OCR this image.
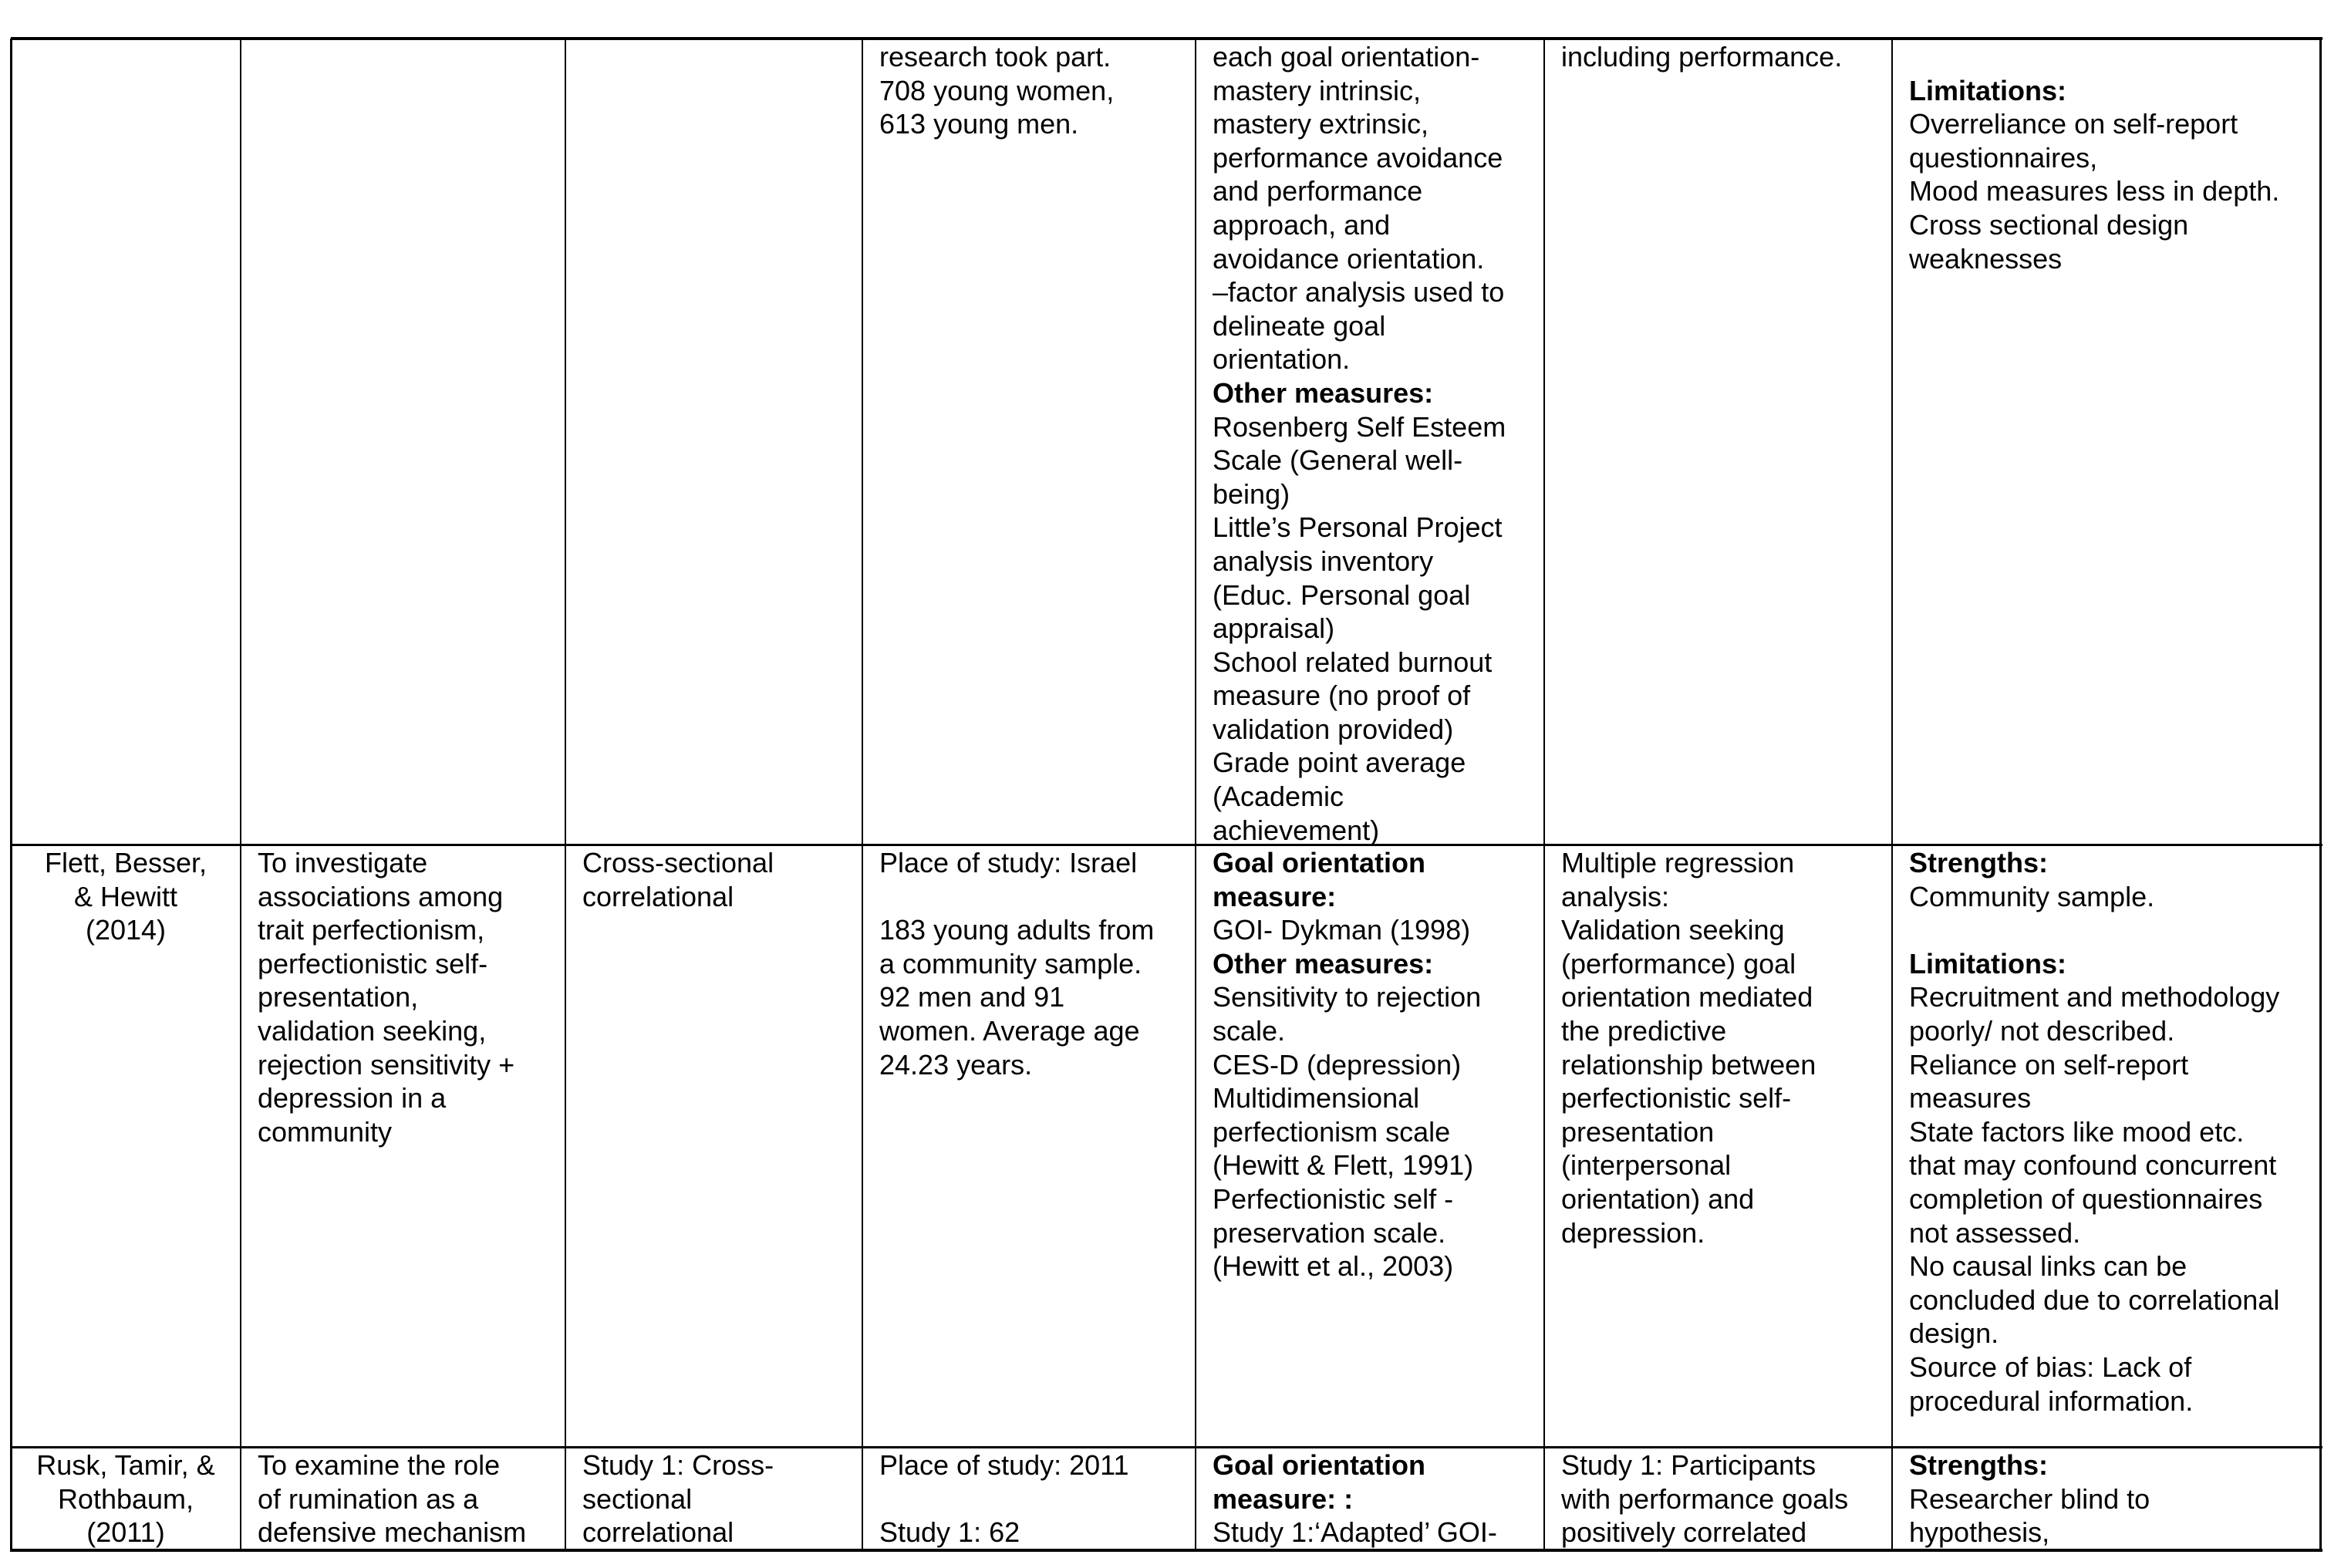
research took part.
708 young women,
613 young men.
each goal orientation-
mastery intrinsic,
mastery extrinsic,
performance avoidance
and performance
approach, and
avoidance orientation.
–factor analysis used to
delineate goal
orientation.
Other measures:
Rosenberg Self Esteem
Scale (General well-
being)
Little’s Personal Project
analysis inventory
(Educ. Personal goal
appraisal)
School related burnout
measure (no proof of
validation provided)
Grade point average
(Academic
achievement)
including performance.
Limitations:
Overreliance on self-report
questionnaires,
Mood measures less in depth.
Cross sectional design
weaknesses
Flett, Besser,
& Hewitt
(2014)
To investigate
associations among
trait perfectionism,
perfectionistic self-
presentation,
validation seeking,
rejection sensitivity +
depression in a
community
Cross-sectional
correlational
Place of study: Israel
183 young adults from
a community sample.
92 men and 91
women. Average age
24.23 years.
Goal orientation
measure:
GOI- Dykman (1998)
Other measures:
Sensitivity to rejection
scale.
CES-D (depression)
Multidimensional
perfectionism scale
(Hewitt & Flett, 1991)
Perfectionistic self -
preservation scale.
(Hewitt et al., 2003)
Multiple regression
analysis:
Validation seeking
(performance) goal
orientation mediated
the predictive
relationship between
perfectionistic self-
presentation
(interpersonal
orientation) and
depression.
Strengths:
Community sample.
Limitations:
Recruitment and methodology
poorly/ not described.
Reliance on self-report
measures
State factors like mood etc.
that may confound concurrent
completion of questionnaires
not assessed.
No causal links can be
concluded due to correlational
design.
Source of bias: Lack of
procedural information.
Rusk, Tamir, &
Rothbaum,
(2011)
To examine the role
of rumination as a
defensive mechanism
Study 1: Cross-
sectional
correlational
Place of study: 2011
Study 1: 62
Goal orientation
measure: :
Study 1:‘Adapted’ GOI-
Study 1: Participants
with performance goals
positively correlated
Strengths:
Researcher blind to
hypothesis,
